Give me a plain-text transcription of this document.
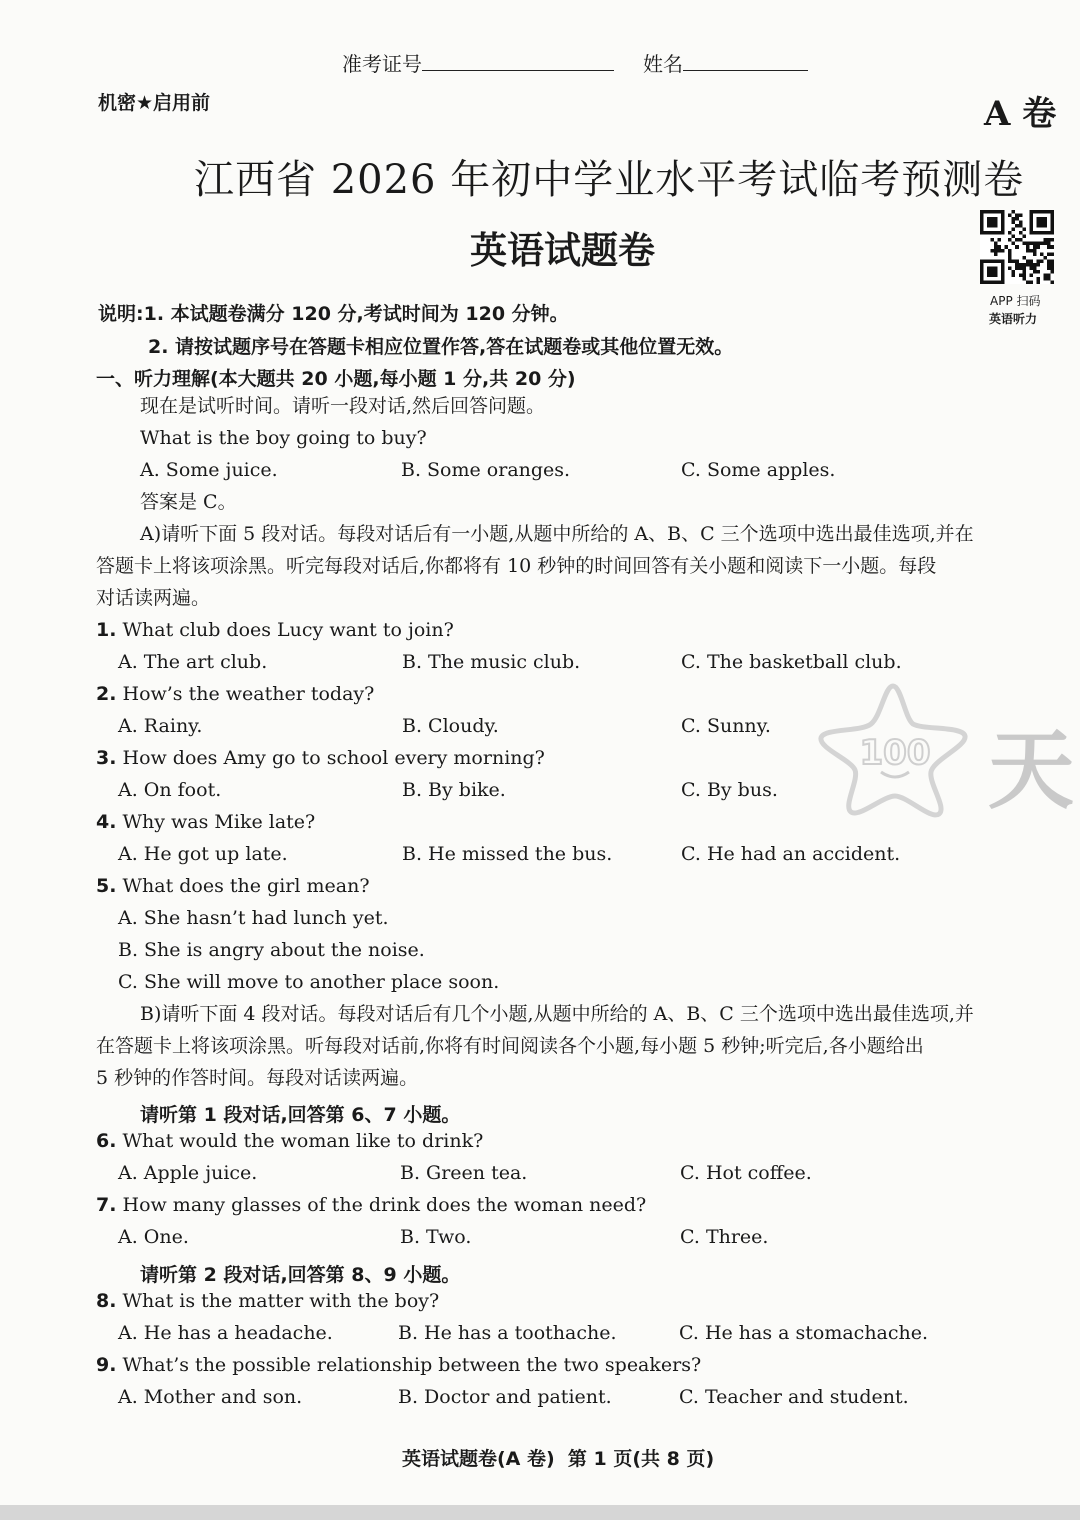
准考证号	姓名
机密★启用前	A 卷
江西省 2026 年初中学业水平考试临考预测卷
英语试题卷
APP 扫码
英语听力
说明:1. 本试题卷满分 120 分,考试时间为 120 分钟。
2. 请按试题序号在答题卡相应位置作答,答在试题卷或其他位置无效。
一、听力理解(本大题共 20 小题,每小题 1 分,共 20 分)
现在是试听时间。请听一段对话,然后回答问题。
What is the boy going to buy?
A. Some juice.	B. Some oranges.	C. Some apples.
答案是 C。
A)请听下面 5 段对话。每段对话后有一小题,从题中所给的 A、B、C 三个选项中选出最佳选项,并在
答题卡上将该项涂黑。听完每段对话后,你都将有 10 秒钟的时间回答有关小题和阅读下一小题。每段
对话读两遍。
1. What club does Lucy want to join?
A. The art club.	B. The music club.	C. The basketball club.
2. How’s the weather today?
A. Rainy.	B. Cloudy.	C. Sunny.
3. How does Amy go to school every morning?
A. On foot.	B. By bike.	C. By bus.
4. Why was Mike late?
A. He got up late.	B. He missed the bus.	C. He had an accident.
5. What does the girl mean?
A. She hasn’t had lunch yet.
B. She is angry about the noise.
C. She will move to another place soon.
B)请听下面 4 段对话。每段对话后有几个小题,从题中所给的 A、B、C 三个选项中选出最佳选项,并
在答题卡上将该项涂黑。听每段对话前,你将有时间阅读各个小题,每小题 5 秒钟;听完后,各小题给出
5 秒钟的作答时间。每段对话读两遍。
请听第 1 段对话,回答第 6、7 小题。
6. What would the woman like to drink?
A. Apple juice.	B. Green tea.	C. Hot coffee.
7. How many glasses of the drink does the woman need?
A. One.	B. Two.	C. Three.
请听第 2 段对话,回答第 8、9 小题。
8. What is the matter with the boy?
A. He has a headache.	B. He has a toothache.	C. He has a stomachache.
9. What’s the possible relationship between the two speakers?
A. Mother and son.	B. Doctor and patient.	C. Teacher and student.
100 天
英语试题卷(A 卷)  第 1 页(共 8 页)
